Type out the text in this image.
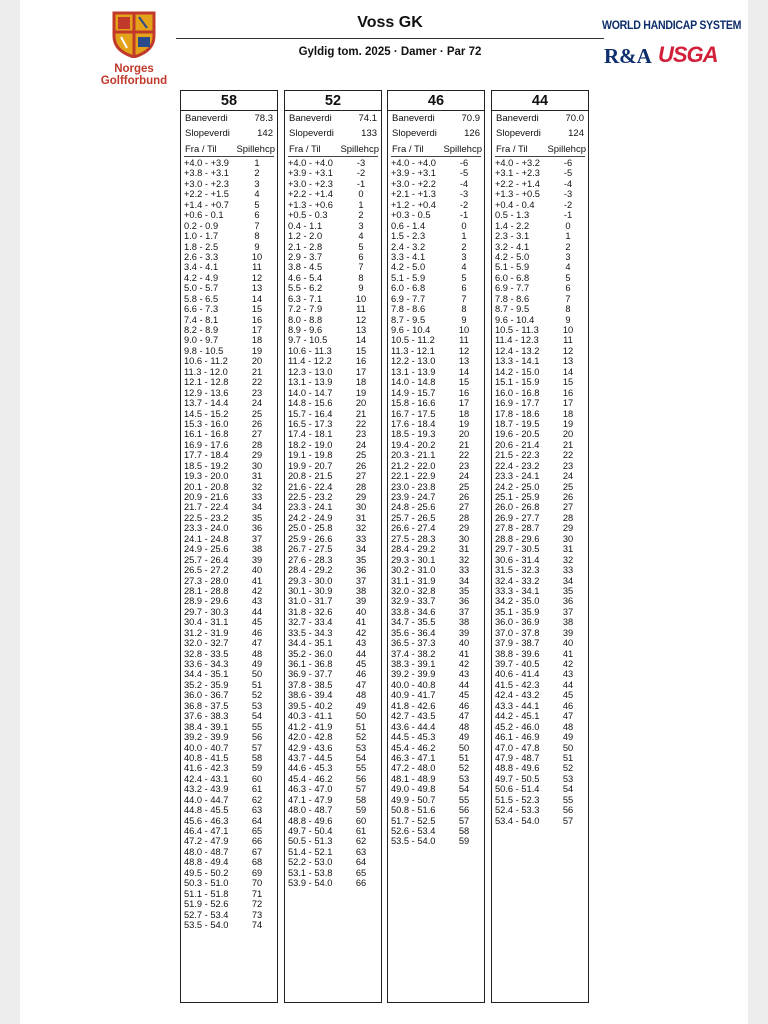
Norges
Golfforbund
Voss GK
Gyldig tom. 2025 · Damer · Par 72
WORLD HANDICAP SYSTEM
R&A USGA
58
Baneverdi	78.3
Slopeverdi	142
Fra / Til Spillehcp
+4.0 - +3.9	1
+3.8 - +3.1	2
+3.0 - +2.3	3
+2.2 - +1.5	4
+1.4 - +0.7	5
+0.6 - 0.1	6
0.2 - 0.9	7
1.0 - 1.7	8
1.8 - 2.5	9
2.6 - 3.3	10
3.4 - 4.1	11
4.2 - 4.9	12
5.0 - 5.7	13
5.8 - 6.5	14
6.6 - 7.3	15
7.4 - 8.1	16
8.2 - 8.9	17
9.0 - 9.7	18
9.8 - 10.5	19
10.6 - 11.2	20
11.3 - 12.0	21
12.1 - 12.8	22
12.9 - 13.6	23
13.7 - 14.4	24
14.5 - 15.2	25
15.3 - 16.0	26
16.1 - 16.8	27
16.9 - 17.6	28
17.7 - 18.4	29
18.5 - 19.2	30
19.3 - 20.0	31
20.1 - 20.8	32
20.9 - 21.6	33
21.7 - 22.4	34
22.5 - 23.2	35
23.3 - 24.0	36
24.1 - 24.8	37
24.9 - 25.6	38
25.7 - 26.4	39
26.5 - 27.2	40
27.3 - 28.0	41
28.1 - 28.8	42
28.9 - 29.6	43
29.7 - 30.3	44
30.4 - 31.1	45
31.2 - 31.9	46
32.0 - 32.7	47
32.8 - 33.5	48
33.6 - 34.3	49
34.4 - 35.1	50
35.2 - 35.9	51
36.0 - 36.7	52
36.8 - 37.5	53
37.6 - 38.3	54
38.4 - 39.1	55
39.2 - 39.9	56
40.0 - 40.7	57
40.8 - 41.5	58
41.6 - 42.3	59
42.4 - 43.1	60
43.2 - 43.9	61
44.0 - 44.7	62
44.8 - 45.5	63
45.6 - 46.3	64
46.4 - 47.1	65
47.2 - 47.9	66
48.0 - 48.7	67
48.8 - 49.4	68
49.5 - 50.2	69
50.3 - 51.0	70
51.1 - 51.8	71
51.9 - 52.6	72
52.7 - 53.4	73
53.5 - 54.0	74
52
Baneverdi	74.1
Slopeverdi	133
Fra / Til Spillehcp
+4.0 - +4.0	-3
+3.9 - +3.1	-2
+3.0 - +2.3	-1
+2.2 - +1.4	0
+1.3 - +0.6	1
+0.5 - 0.3	2
0.4 - 1.1	3
1.2 - 2.0	4
2.1 - 2.8	5
2.9 - 3.7	6
3.8 - 4.5	7
4.6 - 5.4	8
5.5 - 6.2	9
6.3 - 7.1	10
7.2 - 7.9	11
8.0 - 8.8	12
8.9 - 9.6	13
9.7 - 10.5	14
10.6 - 11.3	15
11.4 - 12.2	16
12.3 - 13.0	17
13.1 - 13.9	18
14.0 - 14.7	19
14.8 - 15.6	20
15.7 - 16.4	21
16.5 - 17.3	22
17.4 - 18.1	23
18.2 - 19.0	24
19.1 - 19.8	25
19.9 - 20.7	26
20.8 - 21.5	27
21.6 - 22.4	28
22.5 - 23.2	29
23.3 - 24.1	30
24.2 - 24.9	31
25.0 - 25.8	32
25.9 - 26.6	33
26.7 - 27.5	34
27.6 - 28.3	35
28.4 - 29.2	36
29.3 - 30.0	37
30.1 - 30.9	38
31.0 - 31.7	39
31.8 - 32.6	40
32.7 - 33.4	41
33.5 - 34.3	42
34.4 - 35.1	43
35.2 - 36.0	44
36.1 - 36.8	45
36.9 - 37.7	46
37.8 - 38.5	47
38.6 - 39.4	48
39.5 - 40.2	49
40.3 - 41.1	50
41.2 - 41.9	51
42.0 - 42.8	52
42.9 - 43.6	53
43.7 - 44.5	54
44.6 - 45.3	55
45.4 - 46.2	56
46.3 - 47.0	57
47.1 - 47.9	58
48.0 - 48.7	59
48.8 - 49.6	60
49.7 - 50.4	61
50.5 - 51.3	62
51.4 - 52.1	63
52.2 - 53.0	64
53.1 - 53.8	65
53.9 - 54.0	66
46
Baneverdi	70.9
Slopeverdi	126
Fra / Til Spillehcp
+4.0 - +4.0	-6
+3.9 - +3.1	-5
+3.0 - +2.2	-4
+2.1 - +1.3	-3
+1.2 - +0.4	-2
+0.3 - 0.5	-1
0.6 - 1.4	0
1.5 - 2.3	1
2.4 - 3.2	2
3.3 - 4.1	3
4.2 - 5.0	4
5.1 - 5.9	5
6.0 - 6.8	6
6.9 - 7.7	7
7.8 - 8.6	8
8.7 - 9.5	9
9.6 - 10.4	10
10.5 - 11.2	11
11.3 - 12.1	12
12.2 - 13.0	13
13.1 - 13.9	14
14.0 - 14.8	15
14.9 - 15.7	16
15.8 - 16.6	17
16.7 - 17.5	18
17.6 - 18.4	19
18.5 - 19.3	20
19.4 - 20.2	21
20.3 - 21.1	22
21.2 - 22.0	23
22.1 - 22.9	24
23.0 - 23.8	25
23.9 - 24.7	26
24.8 - 25.6	27
25.7 - 26.5	28
26.6 - 27.4	29
27.5 - 28.3	30
28.4 - 29.2	31
29.3 - 30.1	32
30.2 - 31.0	33
31.1 - 31.9	34
32.0 - 32.8	35
32.9 - 33.7	36
33.8 - 34.6	37
34.7 - 35.5	38
35.6 - 36.4	39
36.5 - 37.3	40
37.4 - 38.2	41
38.3 - 39.1	42
39.2 - 39.9	43
40.0 - 40.8	44
40.9 - 41.7	45
41.8 - 42.6	46
42.7 - 43.5	47
43.6 - 44.4	48
44.5 - 45.3	49
45.4 - 46.2	50
46.3 - 47.1	51
47.2 - 48.0	52
48.1 - 48.9	53
49.0 - 49.8	54
49.9 - 50.7	55
50.8 - 51.6	56
51.7 - 52.5	57
52.6 - 53.4	58
53.5 - 54.0	59
44
Baneverdi	70.0
Slopeverdi	124
Fra / Til Spillehcp
+4.0 - +3.2	-6
+3.1 - +2.3	-5
+2.2 - +1.4	-4
+1.3 - +0.5	-3
+0.4 - 0.4	-2
0.5 - 1.3	-1
1.4 - 2.2	0
2.3 - 3.1	1
3.2 - 4.1	2
4.2 - 5.0	3
5.1 - 5.9	4
6.0 - 6.8	5
6.9 - 7.7	6
7.8 - 8.6	7
8.7 - 9.5	8
9.6 - 10.4	9
10.5 - 11.3	10
11.4 - 12.3	11
12.4 - 13.2	12
13.3 - 14.1	13
14.2 - 15.0	14
15.1 - 15.9	15
16.0 - 16.8	16
16.9 - 17.7	17
17.8 - 18.6	18
18.7 - 19.5	19
19.6 - 20.5	20
20.6 - 21.4	21
21.5 - 22.3	22
22.4 - 23.2	23
23.3 - 24.1	24
24.2 - 25.0	25
25.1 - 25.9	26
26.0 - 26.8	27
26.9 - 27.7	28
27.8 - 28.7	29
28.8 - 29.6	30
29.7 - 30.5	31
30.6 - 31.4	32
31.5 - 32.3	33
32.4 - 33.2	34
33.3 - 34.1	35
34.2 - 35.0	36
35.1 - 35.9	37
36.0 - 36.9	38
37.0 - 37.8	39
37.9 - 38.7	40
38.8 - 39.6	41
39.7 - 40.5	42
40.6 - 41.4	43
41.5 - 42.3	44
42.4 - 43.2	45
43.3 - 44.1	46
44.2 - 45.1	47
45.2 - 46.0	48
46.1 - 46.9	49
47.0 - 47.8	50
47.9 - 48.7	51
48.8 - 49.6	52
49.7 - 50.5	53
50.6 - 51.4	54
51.5 - 52.3	55
52.4 - 53.3	56
53.4 - 54.0	57
